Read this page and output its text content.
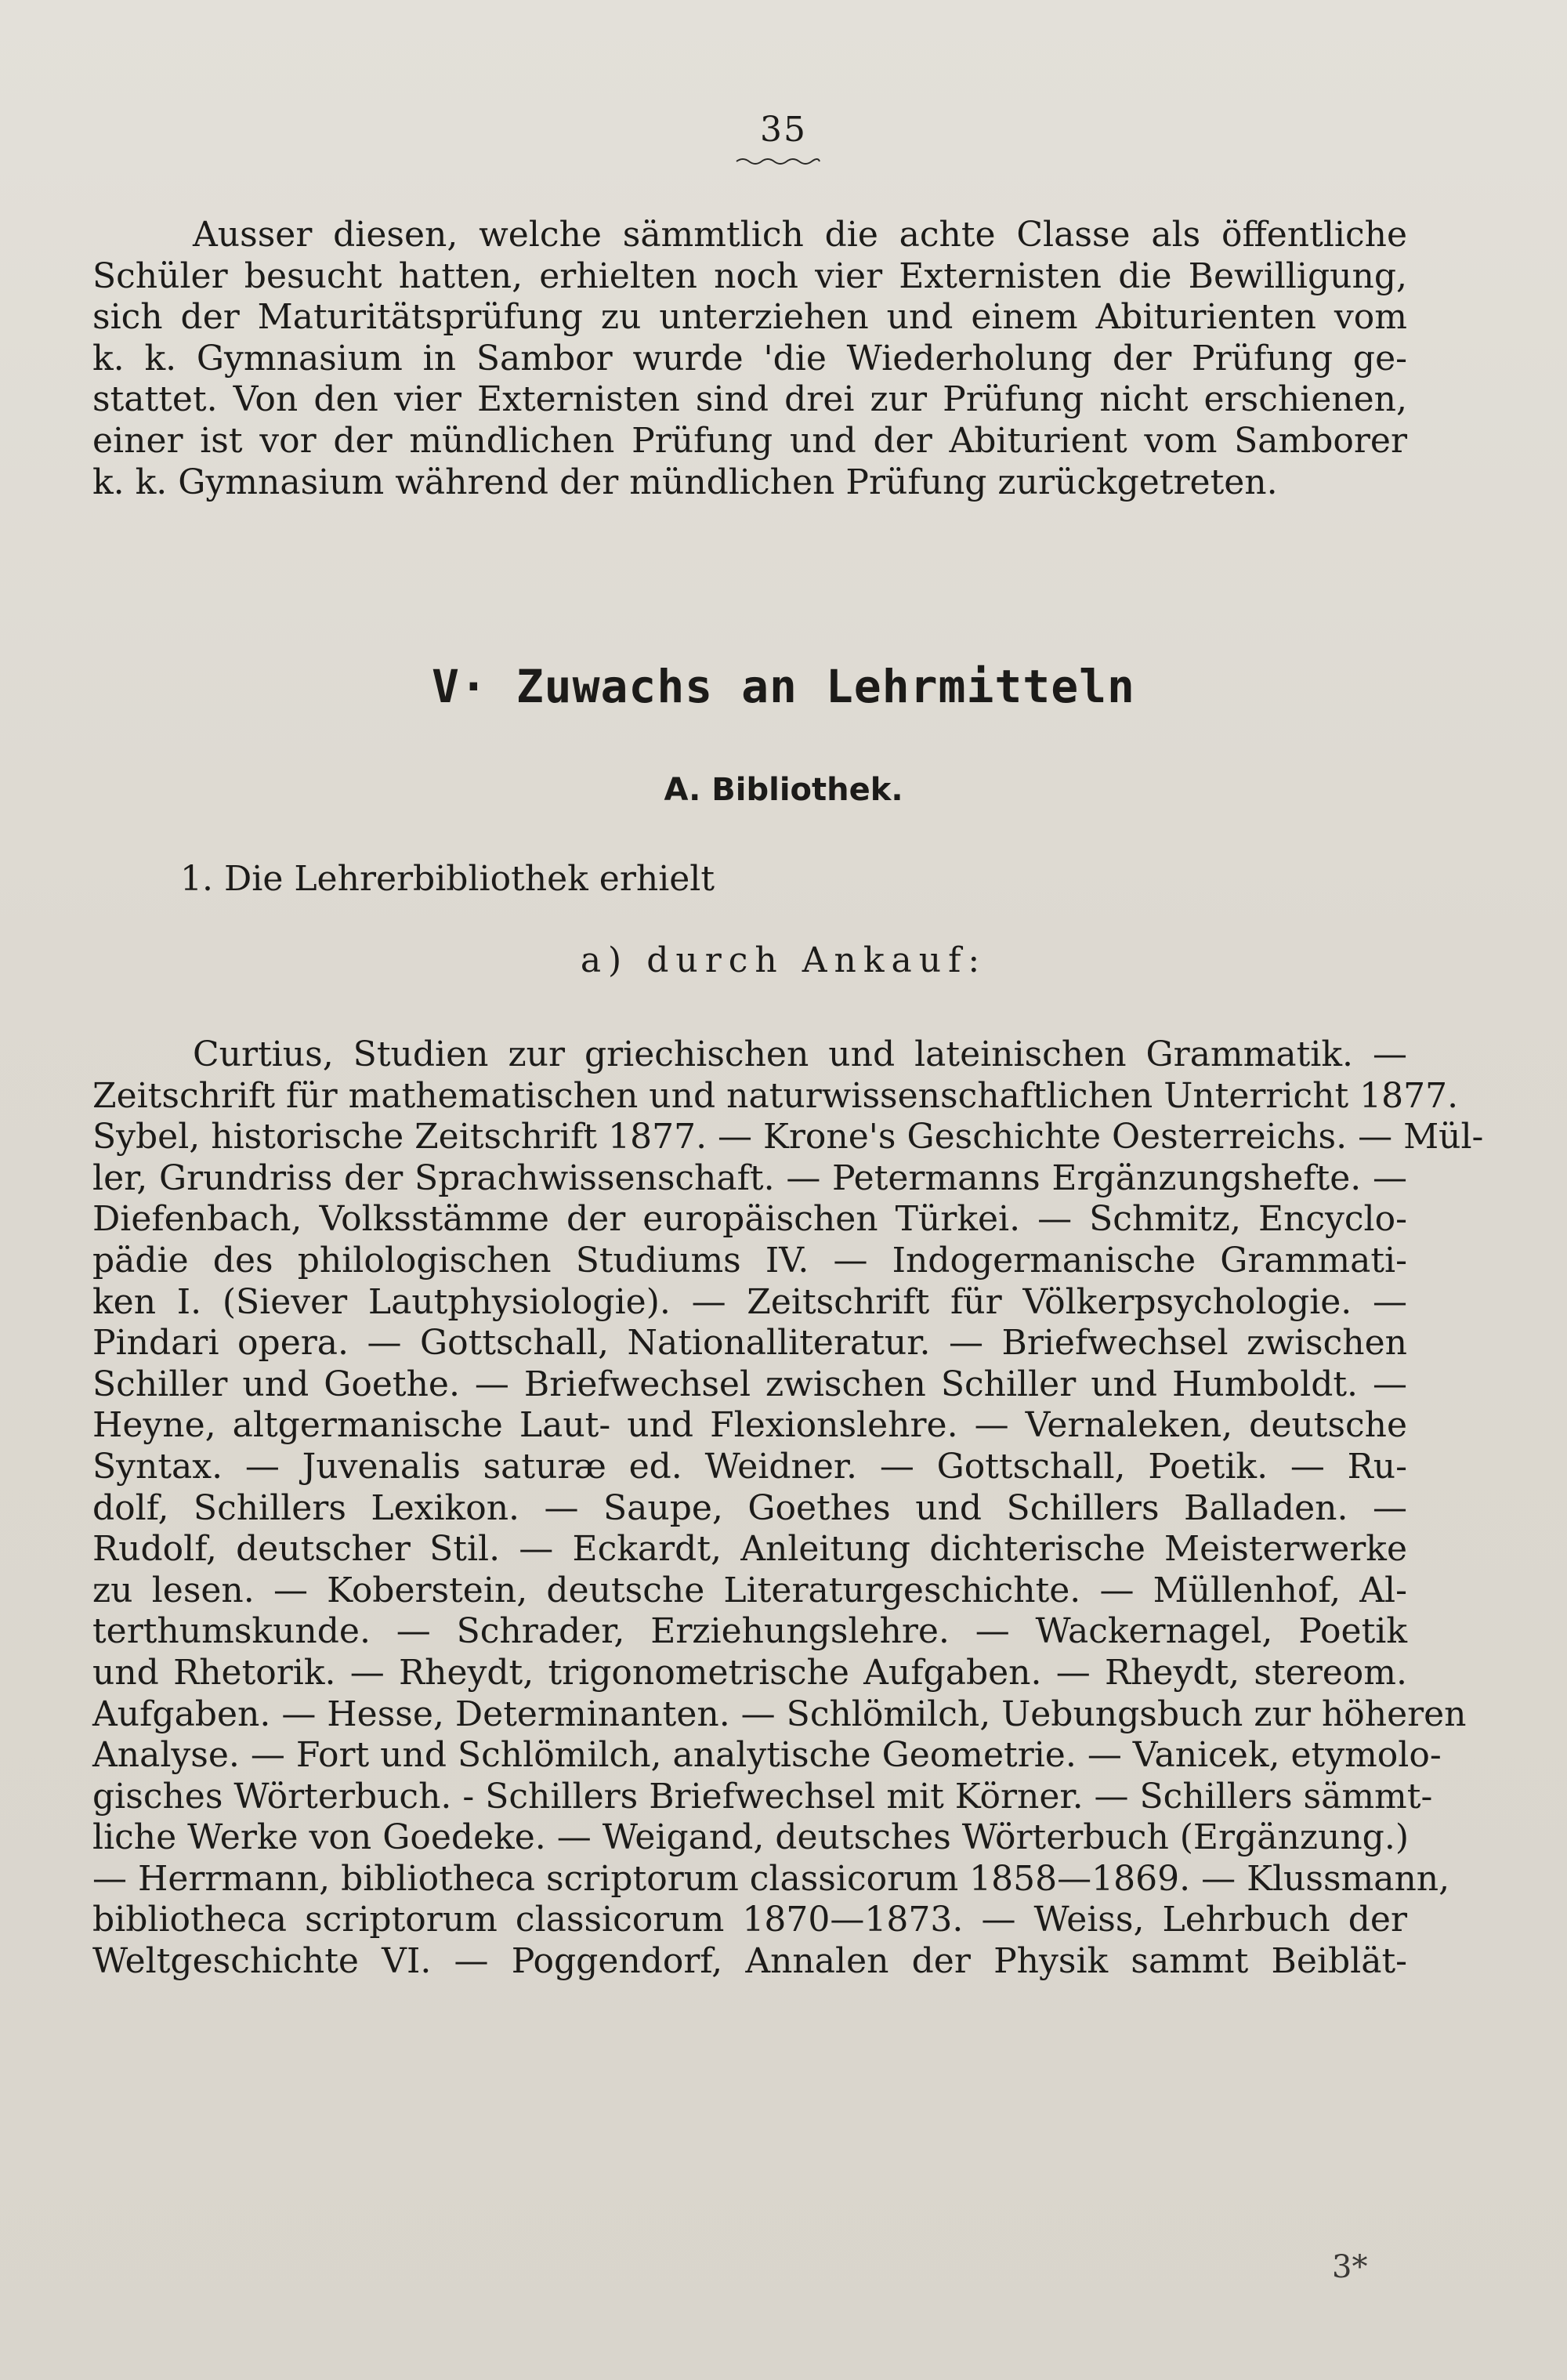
35
Ausser diesen, welche sämmtlich die achte Classe als öffentliche
Schüler besucht hatten, erhielten noch vier Externisten die Bewilligung,
sich der Maturitätsprüfung zu unterziehen und einem Abiturienten vom
k. k. Gymnasium in Sambor wurde 'die Wiederholung der Prüfung ge-
stattet. Von den vier Externisten sind drei zur Prüfung nicht erschienen,
einer ist vor der mündlichen Prüfung und der Abiturient vom Samborer
k. k. Gymnasium während der mündlichen Prüfung zurückgetreten.
V· Zuwachs an Lehrmitteln
A. Bibliothek.
1. Die Lehrerbibliothek erhielt
a) durch Ankauf:
Curtius, Studien zur griechischen und lateinischen Grammatik. —
Zeitschrift für mathematischen und naturwissenschaftlichen Unterricht 1877.
Sybel, historische Zeitschrift 1877. — Krone's Geschichte Oesterreichs. — Mül-
ler, Grundriss der Sprachwissenschaft. — Petermanns Ergänzungshefte. —
Diefenbach, Volksstämme der europäischen Türkei. — Schmitz, Encyclo-
pädie des philologischen Studiums IV. — Indogermanische Grammati-
ken I. (Siever Lautphysiologie). — Zeitschrift für Völkerpsychologie. —
Pindari opera. — Gottschall, Nationalliteratur. — Briefwechsel zwischen
Schiller und Goethe. — Briefwechsel zwischen Schiller und Humboldt. —
Heyne, altgermanische Laut- und Flexionslehre. — Vernaleken, deutsche
Syntax. — Juvenalis saturæ ed. Weidner. — Gottschall, Poetik. — Ru-
dolf, Schillers Lexikon. — Saupe, Goethes und Schillers Balladen. —
Rudolf, deutscher Stil. — Eckardt, Anleitung dichterische Meisterwerke
zu lesen. — Koberstein, deutsche Literaturgeschichte. — Müllenhof, Al-
terthumskunde. — Schrader, Erziehungslehre. — Wackernagel, Poetik
und Rhetorik. — Rheydt, trigonometrische Aufgaben. — Rheydt, stereom.
Aufgaben. — Hesse, Determinanten. — Schlömilch, Uebungsbuch zur höheren
Analyse. — Fort und Schlömilch, analytische Geometrie. — Vanicek, etymolo-
gisches Wörterbuch. - Schillers Briefwechsel mit Körner. — Schillers sämmt-
liche Werke von Goedeke. — Weigand, deutsches Wörterbuch (Ergänzung.)
— Herrmann, bibliotheca scriptorum classicorum 1858—1869. — Klussmann,
bibliotheca scriptorum classicorum 1870—1873. — Weiss, Lehrbuch der
Weltgeschichte VI. — Poggendorf, Annalen der Physik sammt Beiblät-
3*
